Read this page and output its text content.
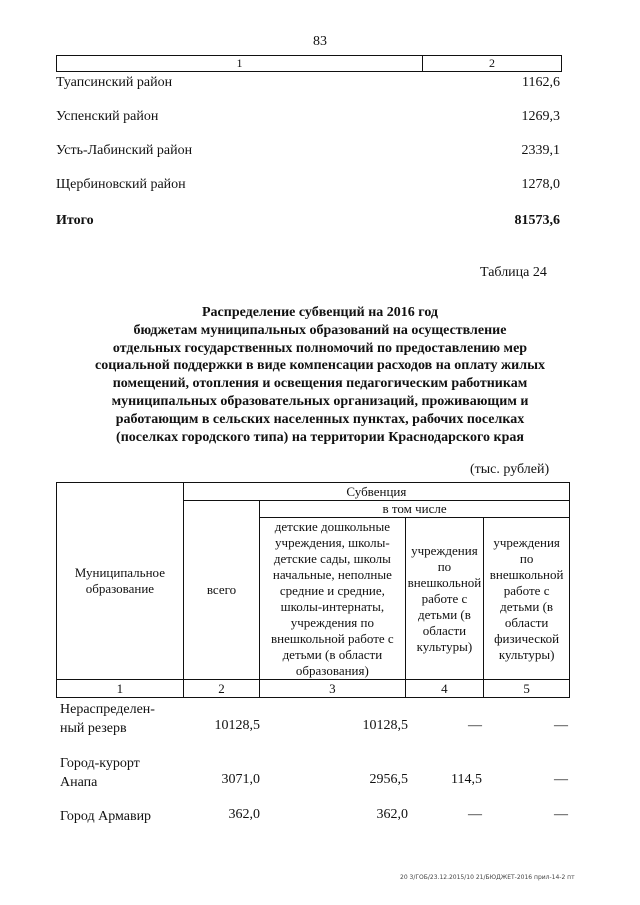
83
1	2
Туапсинский район	1162,6
Успенский район	1269,3
Усть-Лабинский район	2339,1
Щербиновский район	1278,0
Итого	81573,6
Таблица 24
Распределение субвенций на 2016 год
бюджетам муниципальных образований на осуществление
отдельных государственных полномочий по предоставлению мер
социальной поддержки в виде компенсации расходов на оплату жилых
помещений, отопления и освещения педагогическим работникам
муниципальных образовательных организаций, проживающим и
работающим в сельских населенных пунктах, рабочих поселках
(поселках городского типа) на территории Краснодарского края
(тыс. рублей)
Муниципальное образование	Субвенция			
	всего	в том числе		
		детские дошкольные учреждения, школы-детские сады, школы начальные, неполные средние и средние, школы-интернаты, учреждения по внешкольной работе с детьми (в области образования)	учреждения по внешкольной работе с детьми (в области культуры)	учреждения по внешкольной работе с детьми (в области физической культуры)
1	2	3	4	5
Нераспределен-
ный резерв	10128,5	10128,5	—	—
Город-курорт
Анапа	3071,0	2956,5	114,5	—
Город Армавир	362,0	362,0	—	—
20 3/ГОБ/23.12.2015/10 21/БЮДЖЕТ-2016 прил-14-2 пт
